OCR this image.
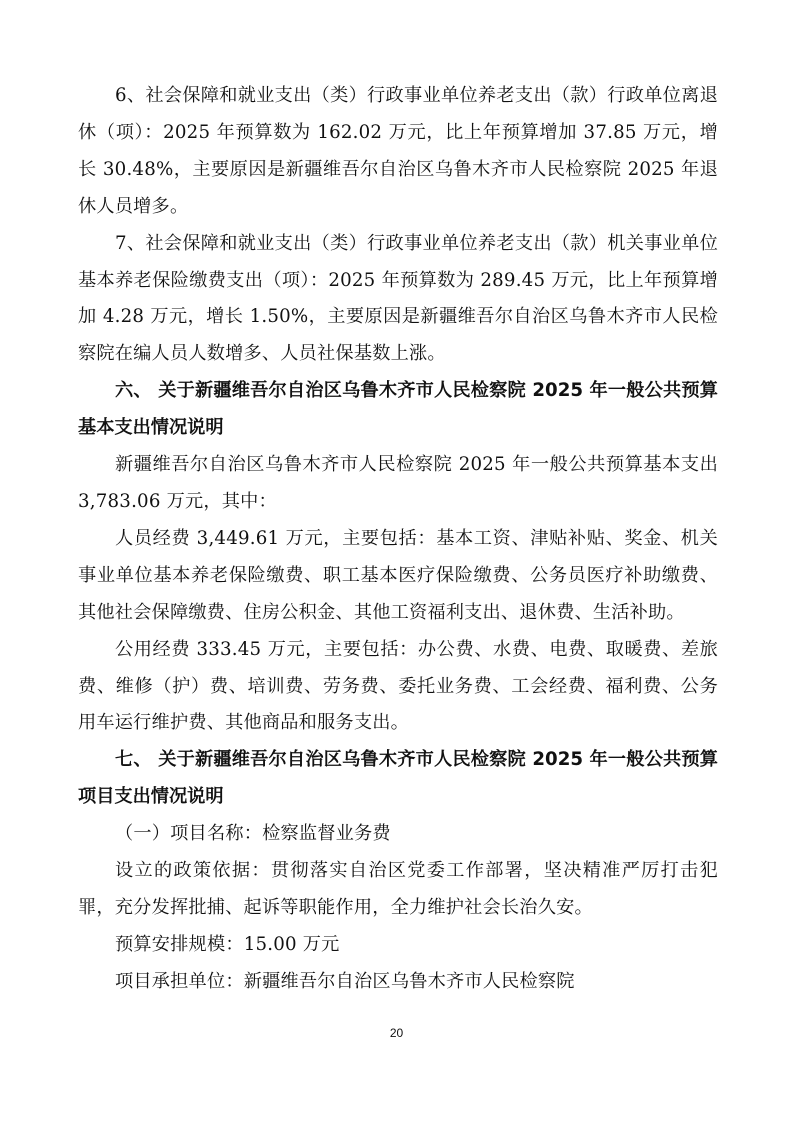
6、社会保障和就业支出（类）行政事业单位养老支出（款）行政单位离退休（项）：2025 年预算数为 162.02 万元，比上年预算增加 37.85 万元，增长 30.48%，主要原因是新疆维吾尔自治区乌鲁木齐市人民检察院 2025 年退休人员增多。

7、社会保障和就业支出（类）行政事业单位养老支出（款）机关事业单位基本养老保险缴费支出（项）：2025 年预算数为 289.45 万元，比上年预算增加 4.28 万元，增长 1.50%，主要原因是新疆维吾尔自治区乌鲁木齐市人民检察院在编人员人数增多、人员社保基数上涨。

六、 关于新疆维吾尔自治区乌鲁木齐市人民检察院 2025 年一般公共预算基本支出情况说明

新疆维吾尔自治区乌鲁木齐市人民检察院 2025 年一般公共预算基本支出 3,783.06 万元，其中：

人员经费 3,449.61 万元，主要包括：基本工资、津贴补贴、奖金、机关事业单位基本养老保险缴费、职工基本医疗保险缴费、公务员医疗补助缴费、其他社会保障缴费、住房公积金、其他工资福利支出、退休费、生活补助。

公用经费 333.45 万元，主要包括：办公费、水费、电费、取暖费、差旅费、维修（护）费、培训费、劳务费、委托业务费、工会经费、福利费、公务用车运行维护费、其他商品和服务支出。

七、 关于新疆维吾尔自治区乌鲁木齐市人民检察院 2025 年一般公共预算项目支出情况说明

（一）项目名称：检察监督业务费

设立的政策依据：贯彻落实自治区党委工作部署，坚决精准严厉打击犯罪，充分发挥批捕、起诉等职能作用，全力维护社会长治久安。

预算安排规模：15.00 万元

项目承担单位：新疆维吾尔自治区乌鲁木齐市人民检察院

20
